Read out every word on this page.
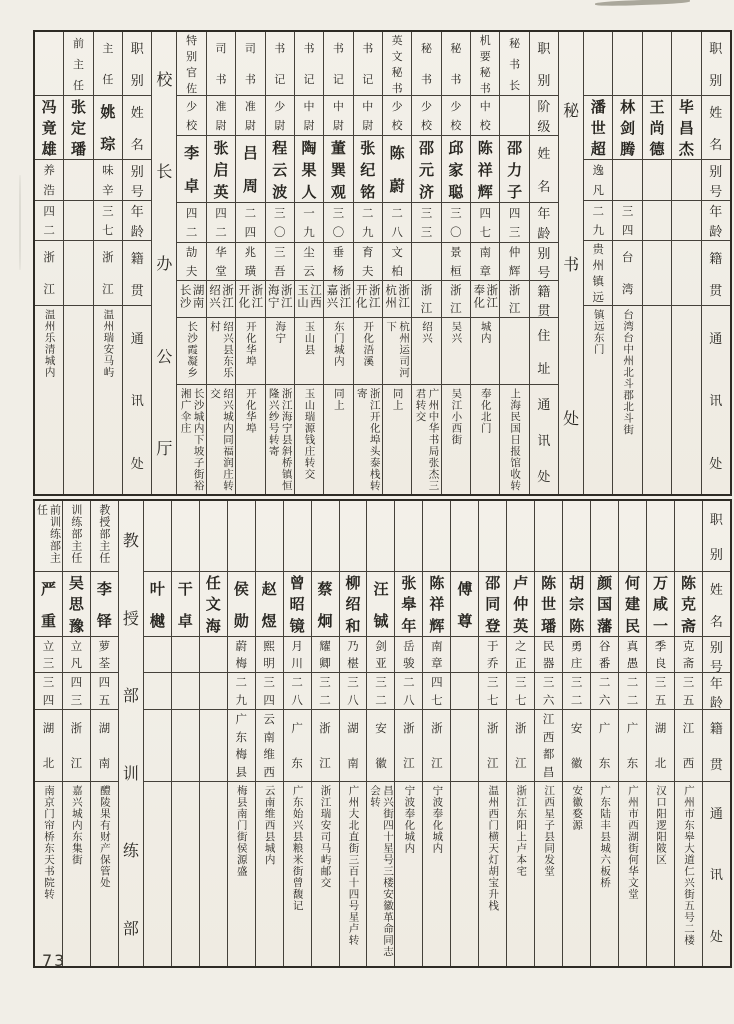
冯
竟
雄
养
浩
四
二
浙
江
温州乐清城内
前
主
任
张
定
璠
主
任
姚
琮
味
辛
三
七
浙
江
温州瑞安马屿
职
别
姓
名
别
号
年
龄
籍
贯
通
讯
处
校
长
办
公
厅
特
别
官
佐
少
校
李
卓
四
二
劼
夫
湖南长沙
长沙霞凝乡
长沙城内下坡子街裕湘广伞庄
司
书
准
尉
张
启
英
四
二
华
堂
浙江绍兴
绍兴县东乐村
绍兴城内同福润庄转交
司
书
准
尉
吕
周
二
四
兆
璜
浙江开化
开化华埠
开化华埠
书
记
少
尉
程
云
波
三
〇
三
吾
浙江海宁
海宁
浙江海宁县斜桥镇恒隆兴纱号转寄
书
记
中
尉
陶
果
人
一
九
尘
云
江西玉山
玉山县
玉山瑞源钱庄转交
书
记
中
尉
董
巽
观
三
〇
垂
杨
浙江嘉兴
东门城内
同上
书
记
中
尉
张
纪
铭
二
九
育
夫
浙江开化
开化浯溪
浙江开化埠头泰栈转寄
英
文
秘
书
少
校
陈
蔚
二
八
文
柏
浙江杭州
杭州运司河下
同上
秘
书
少
校
邵
元
济
三
三
浙
江
绍兴
广州中华书局张杰三君转交
秘
书
少
校
邱
家
聪
三
〇
景
桓
浙
江
吴兴
吴江小西街
机
要
秘
书
中
校
陈
祥
辉
四
七
南
章
浙江奉化
城内
奉化北门
秘
书
长
邵
力
子
四
三
仲
辉
浙
江
上海民国日报馆收转
职
别
阶
级
姓
名
年
龄
别
号
籍
贯
住
址
通
讯
处
秘
书
处
潘
世
超
逸
凡
二
九
贵
州
镇
远
镇远东门
林
剑
腾
三
四
台
湾
台湾台中州北斗郡北斗街
王
尚
德
毕
昌
杰
职
别
姓
名
别
号
年
龄
籍
贯
通
讯
处
前训练部主任
严
重
立
三
三
四
湖
北
南京门帘桥东天书院转
训练部主任
吴
思
豫
立
凡
四
三
浙
江
嘉兴城内东集街
教授部主任
李
铎
萝
荃
四
五
湖
南
醴陵果有财产保管处
教
授
部
训
练
部
叶
樾
干
卓
任
文
海
侯
勋
蔚
梅
二
九
广
东
梅
县
梅县南门街侯源盛
赵
煜
熙
明
三
四
云
南
维
西
云南维西县城内
曾
昭
镜
月
川
二
八
广
东
广东始兴县粮米街曾馥记
蔡
炯
耀
卿
三
二
浙
江
浙江瑞安司马屿邮交
柳
绍
和
乃
椹
三
八
湖
南
广州大北直街三百十四号星卢转
汪
铖
剑
亚
三
二
安
徽
昌兴街四十星号三楼安徽革命同志会转
张
皋
年
岳
骏
二
八
浙
江
宁波奉化城内
陈
祥
辉
南
章
四
七
浙
江
宁波奉化城内
傅
尊
邵
同
登
于
乔
三
七
浙
江
温州西门横天灯胡宝升栈
卢
仲
英
之
正
三
七
浙
江
浙江东阳上卢本宅
陈
世
璠
民
器
三
六
江
西
都
昌
江西星子县同发堂
胡
宗
陈
勇
庄
三
二
安
徽
安徽婺源
颜
国
藩
谷
番
二
六
广
东
广东陆丰县城六板桥
何
建
民
真
愚
二
二
广
东
广州市西湖街何华文堂
万
咸
一
季
良
三
五
湖
北
汉口阳逻阳陂区
陈
克
斋
克
斋
三
五
江
西
广州市东皋大道仁兴街五号二楼
职
别
姓
名
别
号
年
龄
籍
贯
通
讯
处
73
